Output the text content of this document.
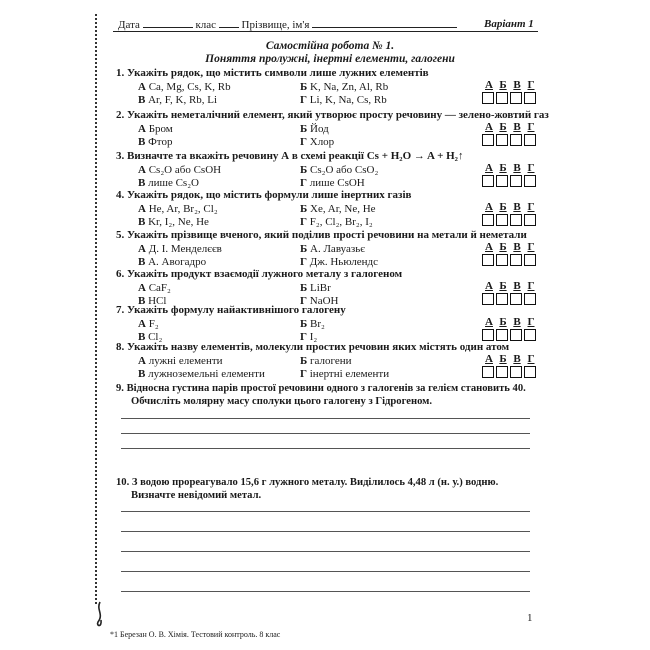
Дата	клас Прізвище, ім'я	Варіант 1
Самостійна робота № 1.
Поняття пролужні, інертні елементи, галогени
1. Укажіть рядок, що містить символи лише лужних елементів
А Ca, Mg, Cs, K, Rb	Б K, Na, Zn, Al, Rb
В Ar, F, K, Rb, Li	Г Li, K, Na, Cs, Rb
А Б В Г
2. Укажіть неметалічний елемент, який утворює просту речовину — зелено-жовтий газ
А Бром	Б Йод
В Фтор	Г Хлор
А Б В Г
3. Визначте та вкажіть речовину А в схемі реакції Cs + H₂O → A + H₂↑
А Cs₂O або CsOH	Б Cs₂O або CsO₂
В лише Cs₂O	Г лише CsOH
А Б В Г
4. Укажіть рядок, що містить формули лише інертних газів
А He, Ar, Br₂, Cl₂	Б Xe, Ar, Ne, He
В Kr, I₂, Ne, He	Г F₂, Cl₂, Br₂, I₂
А Б В Г
5. Укажіть прізвище вченого, який поділив прості речовини на метали й неметали
А Д. І. Менделєєв	Б А. Лавуазьє
В А. Авогадро	Г Дж. Ньюлендс
А Б В Г
6. Укажіть продукт взаємодії лужного металу з галогеном
А CaF₂	Б LiBr
В HCl	Г NaOH
А Б В Г
7. Укажіть формулу найактивнішого галогену
А F₂	Б Br₂
В Cl₂	Г I₂
А Б В Г
8. Укажіть назву елементів, молекули простих речовин яких містять один атом
А лужні елементи	Б галогени
В лужноземельні елементи	Г інертні елементи
А Б В Г
9. Відносна густина парів простої речовини одного з галогенів за гелієм становить 40.
Обчисліть молярну масу сполуки цього галогену з Гідрогеном.
10. З водою прореагувало 15,6 г лужного металу. Виділилось 4,48 л (н. у.) водню.
Визначте невідомий метал.
1
*1 Березан О. В. Хімія. Тестовий контроль. 8 клас
